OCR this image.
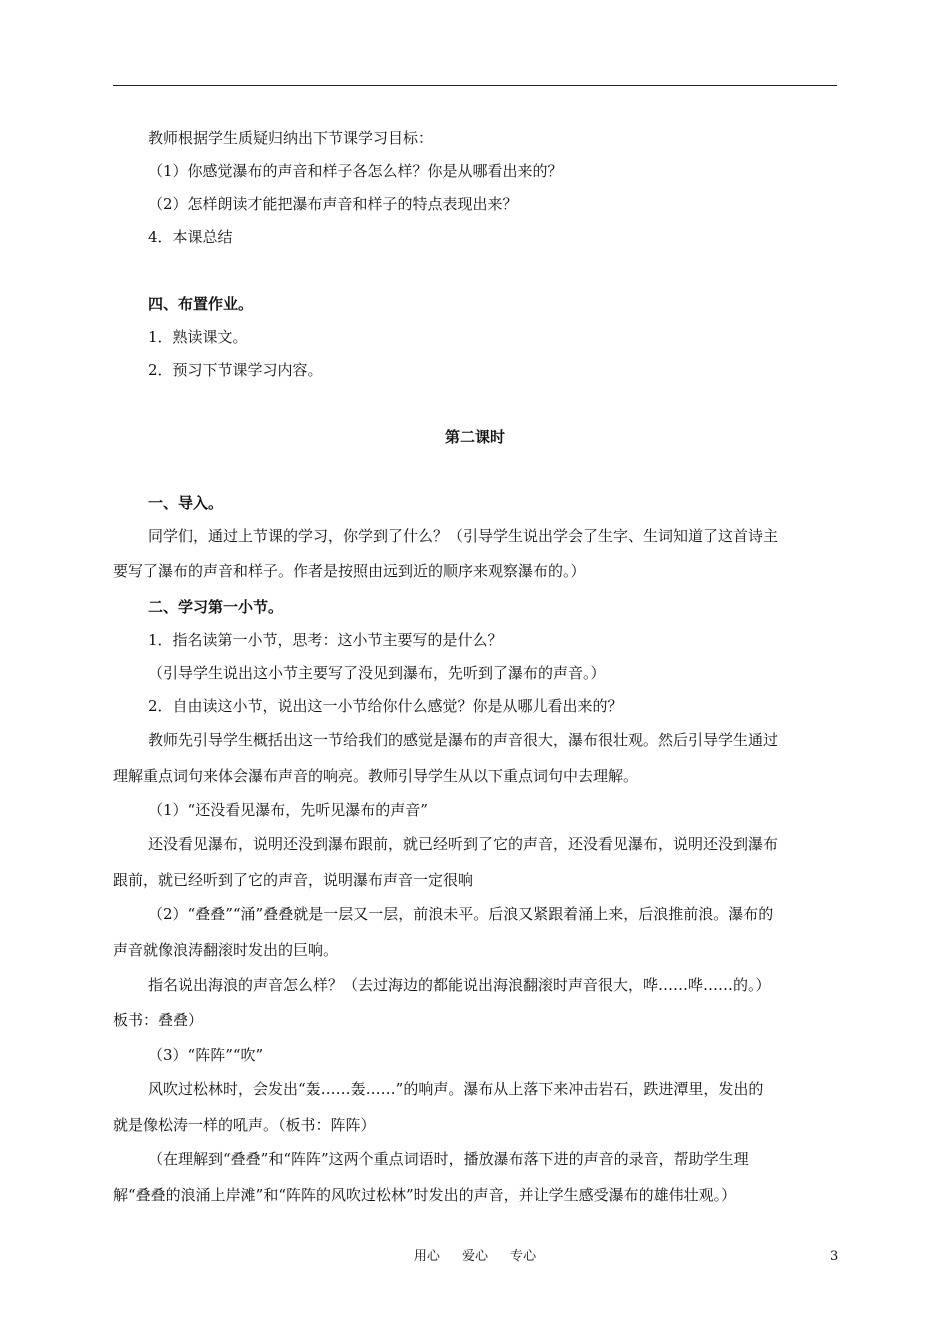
教师根据学生质疑归纳出下节课学习目标：
（1）你感觉瀑布的声音和样子各怎么样？你是从哪看出来的？
（2）怎样朗读才能把瀑布声音和样子的特点表现出来？
4．本课总结
四、布置作业。
1．熟读课文。
2．预习下节课学习内容。
第二课时
一、导入。
同学们，通过上节课的学习，你学到了什么？（引导学生说出学会了生字、生词知道了这首诗主
要写了瀑布的声音和样子。作者是按照由远到近的顺序来观察瀑布的。）
二、学习第一小节。
1．指名读第一小节，思考：这小节主要写的是什么？
（引导学生说出这小节主要写了没见到瀑布，先听到了瀑布的声音。）
2．自由读这小节，说出这一小节给你什么感觉？你是从哪儿看出来的？
教师先引导学生概括出这一节给我们的感觉是瀑布的声音很大，瀑布很壮观。然后引导学生通过
理解重点词句来体会瀑布声音的响亮。教师引导学生从以下重点词句中去理解。
（1）“还没看见瀑布，先听见瀑布的声音”
还没看见瀑布，说明还没到瀑布跟前，就已经听到了它的声音，还没看见瀑布，说明还没到瀑布
跟前，就已经听到了它的声音，说明瀑布声音一定很响
（2）“叠叠”“涌”叠叠就是一层又一层，前浪未平。后浪又紧跟着涌上来，后浪推前浪。瀑布的
声音就像浪涛翻滚时发出的巨响。
指名说出海浪的声音怎么样？（去过海边的都能说出海浪翻滚时声音很大，哗……哗……的。）
板书：叠叠）
（3）“阵阵”“吹”
风吹过松林时，会发出“轰……轰……”的响声。瀑布从上落下来冲击岩石，跌进潭里，发出的
就是像松涛一样的吼声。（板书：阵阵）
（在理解到“叠叠”和“阵阵”这两个重点词语时，播放瀑布落下进的声音的录音，帮助学生理
解“叠叠的浪涌上岸滩”和“阵阵的风吹过松林”时发出的声音，并让学生感受瀑布的雄伟壮观。）
用心 爱心 专心	3
